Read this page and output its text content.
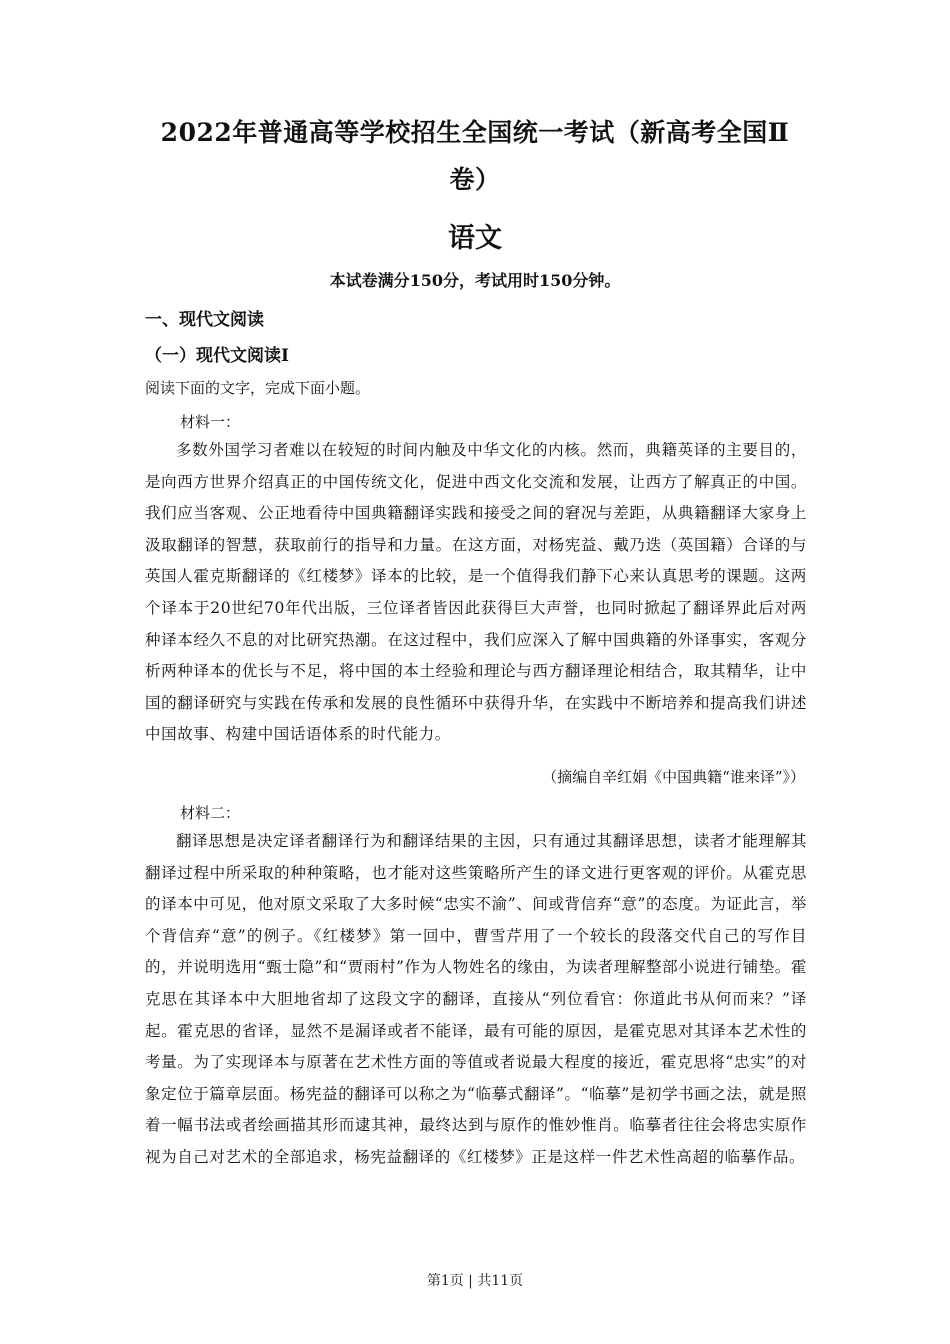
2022年普通高等学校招生全国统一考试（新高考全国Ⅱ
卷）
语文
本试卷满分150分，考试用时150分钟。
一、现代文阅读
（一）现代文阅读I
阅读下面的文字，完成下面小题。
材料一：
多数外国学习者难以在较短的时间内触及中华文化的内核。然而，典籍英译的主要目的，是向西方世界介绍真正的中国传统文化，促进中西文化交流和发展，让西方了解真正的中国。我们应当客观、公正地看待中国典籍翻译实践和接受之间的窘况与差距，从典籍翻译大家身上汲取翻译的智慧，获取前行的指导和力量。在这方面，对杨宪益、戴乃迭（英国籍）合译的与英国人霍克斯翻译的《红楼梦》译本的比较，是一个值得我们静下心来认真思考的课题。这两个译本于20世纪70年代出版，三位译者皆因此获得巨大声誉，也同时掀起了翻译界此后对两种译本经久不息的对比研究热潮。在这过程中，我们应深入了解中国典籍的外译事实，客观分析两种译本的优长与不足，将中国的本土经验和理论与西方翻译理论相结合，取其精华，让中国的翻译研究与实践在传承和发展的良性循环中获得升华，在实践中不断培养和提高我们讲述中国故事、构建中国话语体系的时代能力。
（摘编自辛红娟《中国典籍“谁来译”》）
材料二：
翻译思想是决定译者翻译行为和翻译结果的主因，只有通过其翻译思想，读者才能理解其翻译过程中所采取的种种策略，也才能对这些策略所产生的译文进行更客观的评价。从霍克思的译本中可见，他对原文采取了大多时候“忠实不渝”、间或背信弃“意”的态度。为证此言，举个背信弃“意”的例子。《红楼梦》第一回中，曹雪芹用了一个较长的段落交代自己的写作目的，并说明选用“甄士隐”和“贾雨村”作为人物姓名的缘由，为读者理解整部小说进行铺垫。霍克思在其译本中大胆地省却了这段文字的翻译，直接从“列位看官：你道此书从何而来？”译起。霍克思的省译，显然不是漏译或者不能译，最有可能的原因，是霍克思对其译本艺术性的考量。为了实现译本与原著在艺术性方面的等值或者说最大程度的接近，霍克思将“忠实”的对象定位于篇章层面。杨宪益的翻译可以称之为“临摹式翻译”。“临摹”是初学书画之法，就是照着一幅书法或者绘画描其形而逮其神，最终达到与原作的惟妙惟肖。临摹者往往会将忠实原作视为自己对艺术的全部追求，杨宪益翻译的《红楼梦》正是这样一件艺术性高超的临摹作品。
第1页 | 共11页
